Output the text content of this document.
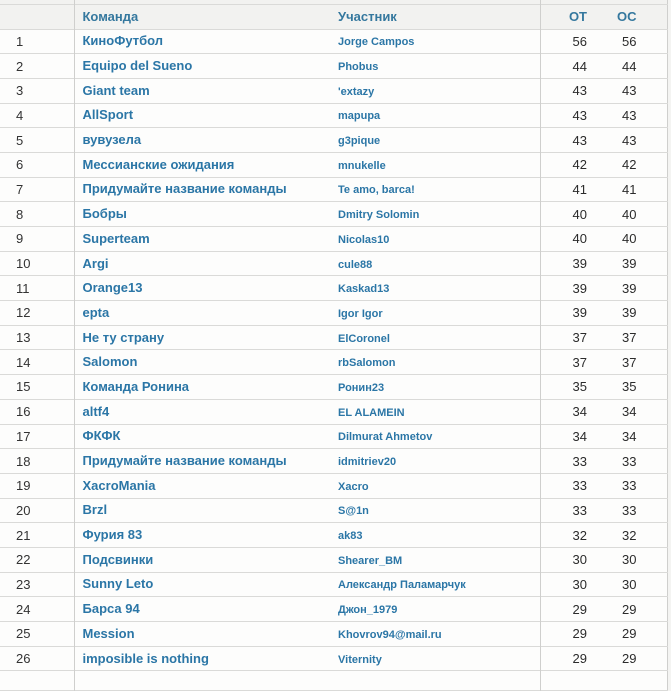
	Команда	Участник	ОТ	ОС
1	КиноФутбол	Jorge Campos	56	56
2	Equipo del Sueno	Phobus	44	44
3	Giant team	'extazy	43	43
4	AllSport	mapupa	43	43
5	вувузела	g3pique	43	43
6	Мессианские ожидания	mnukelle	42	42
7	Придумайте название команды	Te amo, barca!	41	41
8	Бобры	Dmitry Solomin	40	40
9	Superteam	Nicolas10	40	40
10	Argi	cule88	39	39
11	Orange13	Kaskad13	39	39
12	epta	Igor Igor	39	39
13	Не ту страну	ElCoronel	37	37
14	Salomon	rbSalomon	37	37
15	Команда Ронина	Ронин23	35	35
16	altf4	EL ALAMEIN	34	34
17	ФКФК	Dilmurat Ahmetov	34	34
18	Придумайте название команды	idmitriev20	33	33
19	XacroMania	Xacro	33	33
20	Brzl	S@1n	33	33
21	Фурия 83	ak83	32	32
22	Подсвинки	Shearer_BM	30	30
23	Sunny Leto	Александр Паламарчук	30	30
24	Барса 94	Джон_1979	29	29
25	Mession	Khovrov94@mail.ru	29	29
26	imposible is nothing	Viternity	29	29
